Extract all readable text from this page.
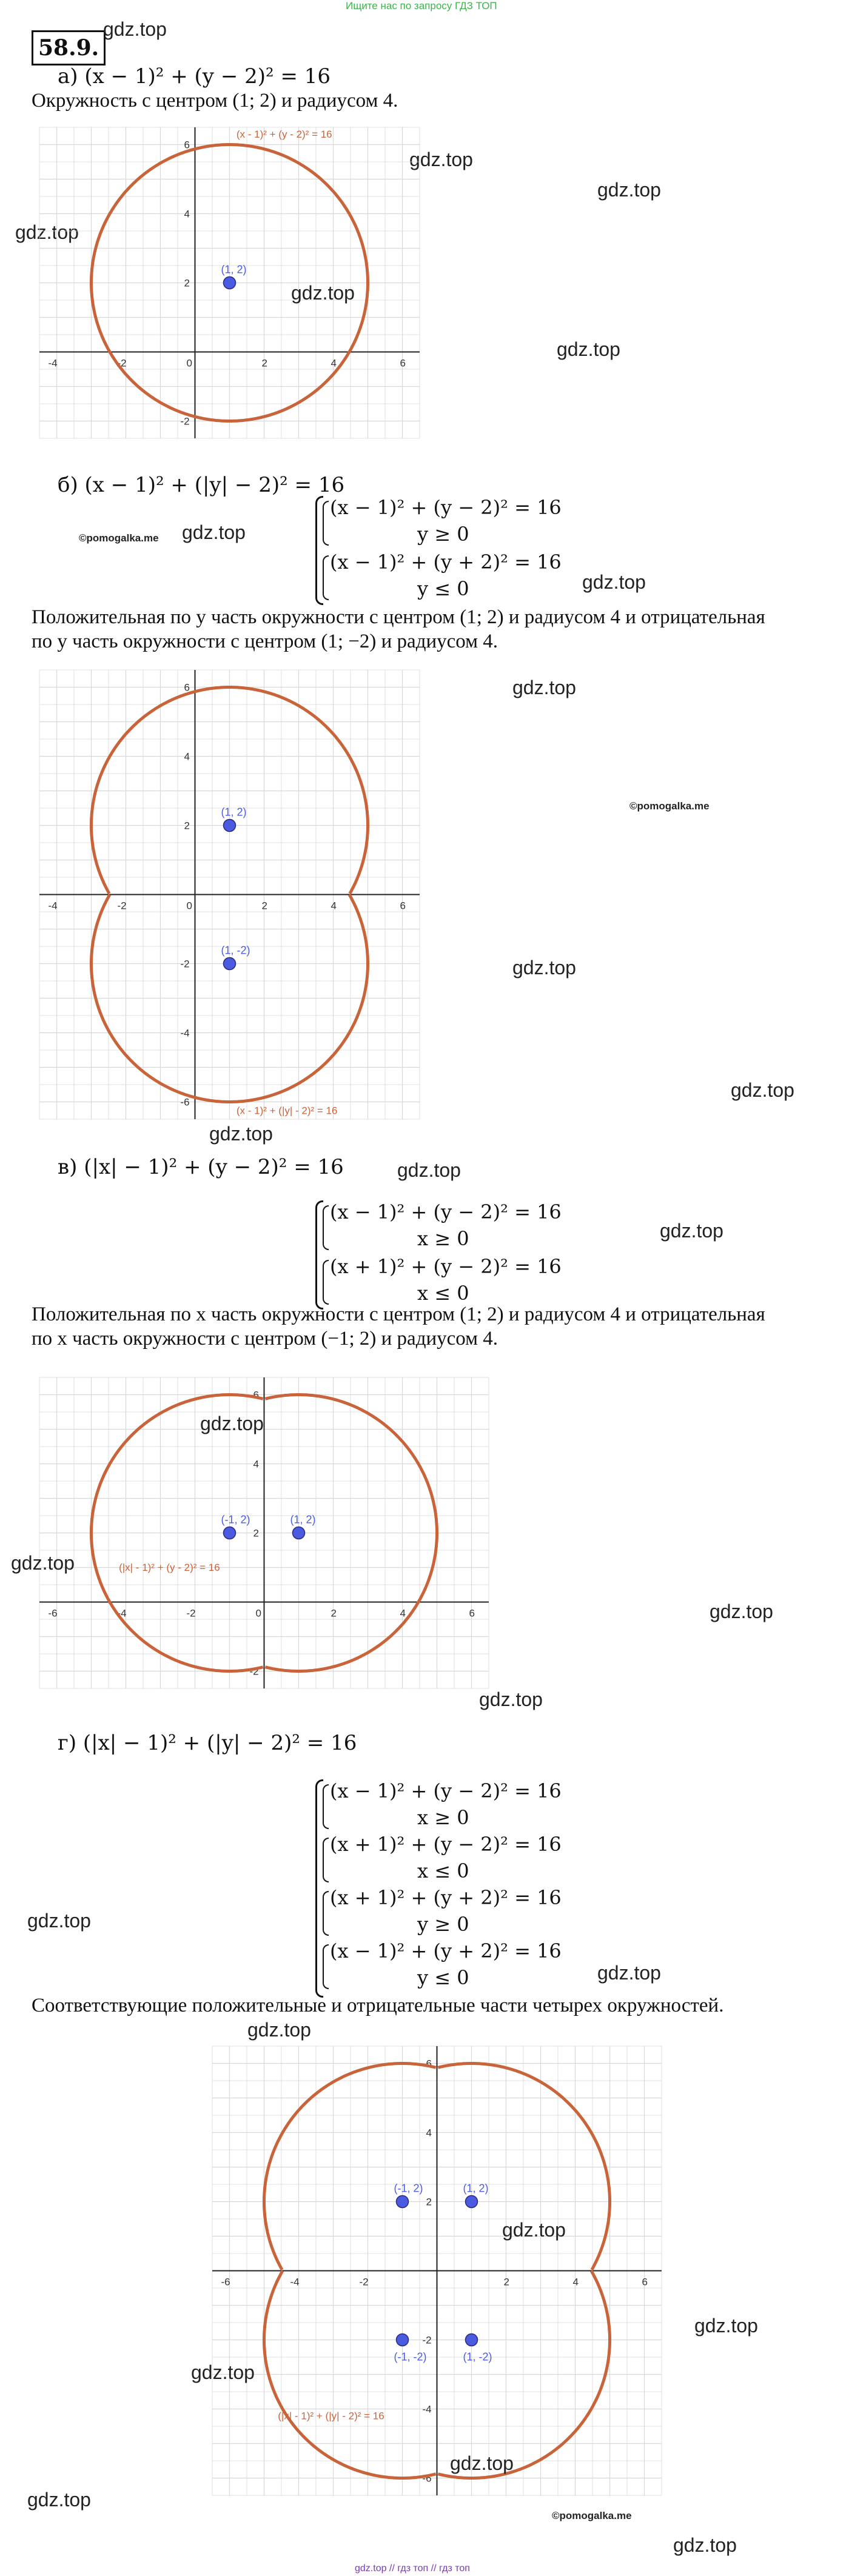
Ищите нас по запросу ГДЗ ТОП
58.9.
gdz.top
а) (x − 1)² + (y − 2)² = 16
Окружность с центром (1; 2) и радиусом 4.
gdz.top
gdz.top
gdz.top
gdz.top
-4	-2	0	2	4	6
-2
2
4
6
(x - 1)² + (y - 2)² = 16
(1, 2)
gdz.top
б) (x − 1)² + (|y| − 2)² = 16
gdz.top
©pomogalka.me
gdz.top
(x − 1)² + (y − 2)² = 16
y ≥ 0
(x − 1)² + (y + 2)² = 16
y ≤ 0
Положительная по y часть окружности с центром (1; 2) и радиусом 4 и отрицательная
по y часть окружности с центром (1; −2) и радиусом 4.
gdz.top
©pomogalka.me
gdz.top
gdz.top
-4	-2	0	2	4	6
-6
-4
-2
2
4
6
(x - 1)² + (|y| - 2)² = 16
(1, 2)
(1, -2)
gdz.top
в) (|x| − 1)² + (y − 2)² = 16	gdz.top
gdz.top
(x − 1)² + (y − 2)² = 16
x ≥ 0
(x + 1)² + (y − 2)² = 16
x ≤ 0
Положительная по x часть окружности с центром (1; 2) и радиусом 4 и отрицательная
по x часть окружности с центром (−1; 2) и радиусом 4.
-6	-4	-2	0	2	4	6
-2
2
4
6
(|x| - 1)² + (y - 2)² = 16
(-1, 2)	(1, 2)
gdz.top
gdz.top
gdz.top
gdz.top
г) (|x| − 1)² + (|y| − 2)² = 16
(x − 1)² + (y − 2)² = 16
x ≥ 0
(x + 1)² + (y − 2)² = 16
x ≤ 0
(x + 1)² + (y + 2)² = 16
y ≥ 0
(x − 1)² + (y + 2)² = 16
y ≤ 0
gdz.top
gdz.top
Соответствующие положительные и отрицательные части четырех окружностей.
gdz.top
-6	-4	-2	2	4	6
-6
-4
-2
2
4
6
(|x| - 1)² + (|y| - 2)² = 16
(-1, 2)	(1, 2)
(-1, -2)	(1, -2)
gdz.top
gdz.top
gdz.top
gdz.top
gdz.top
gdz.top
©pomogalka.me
gdz.top // гдз топ // гдз топ
